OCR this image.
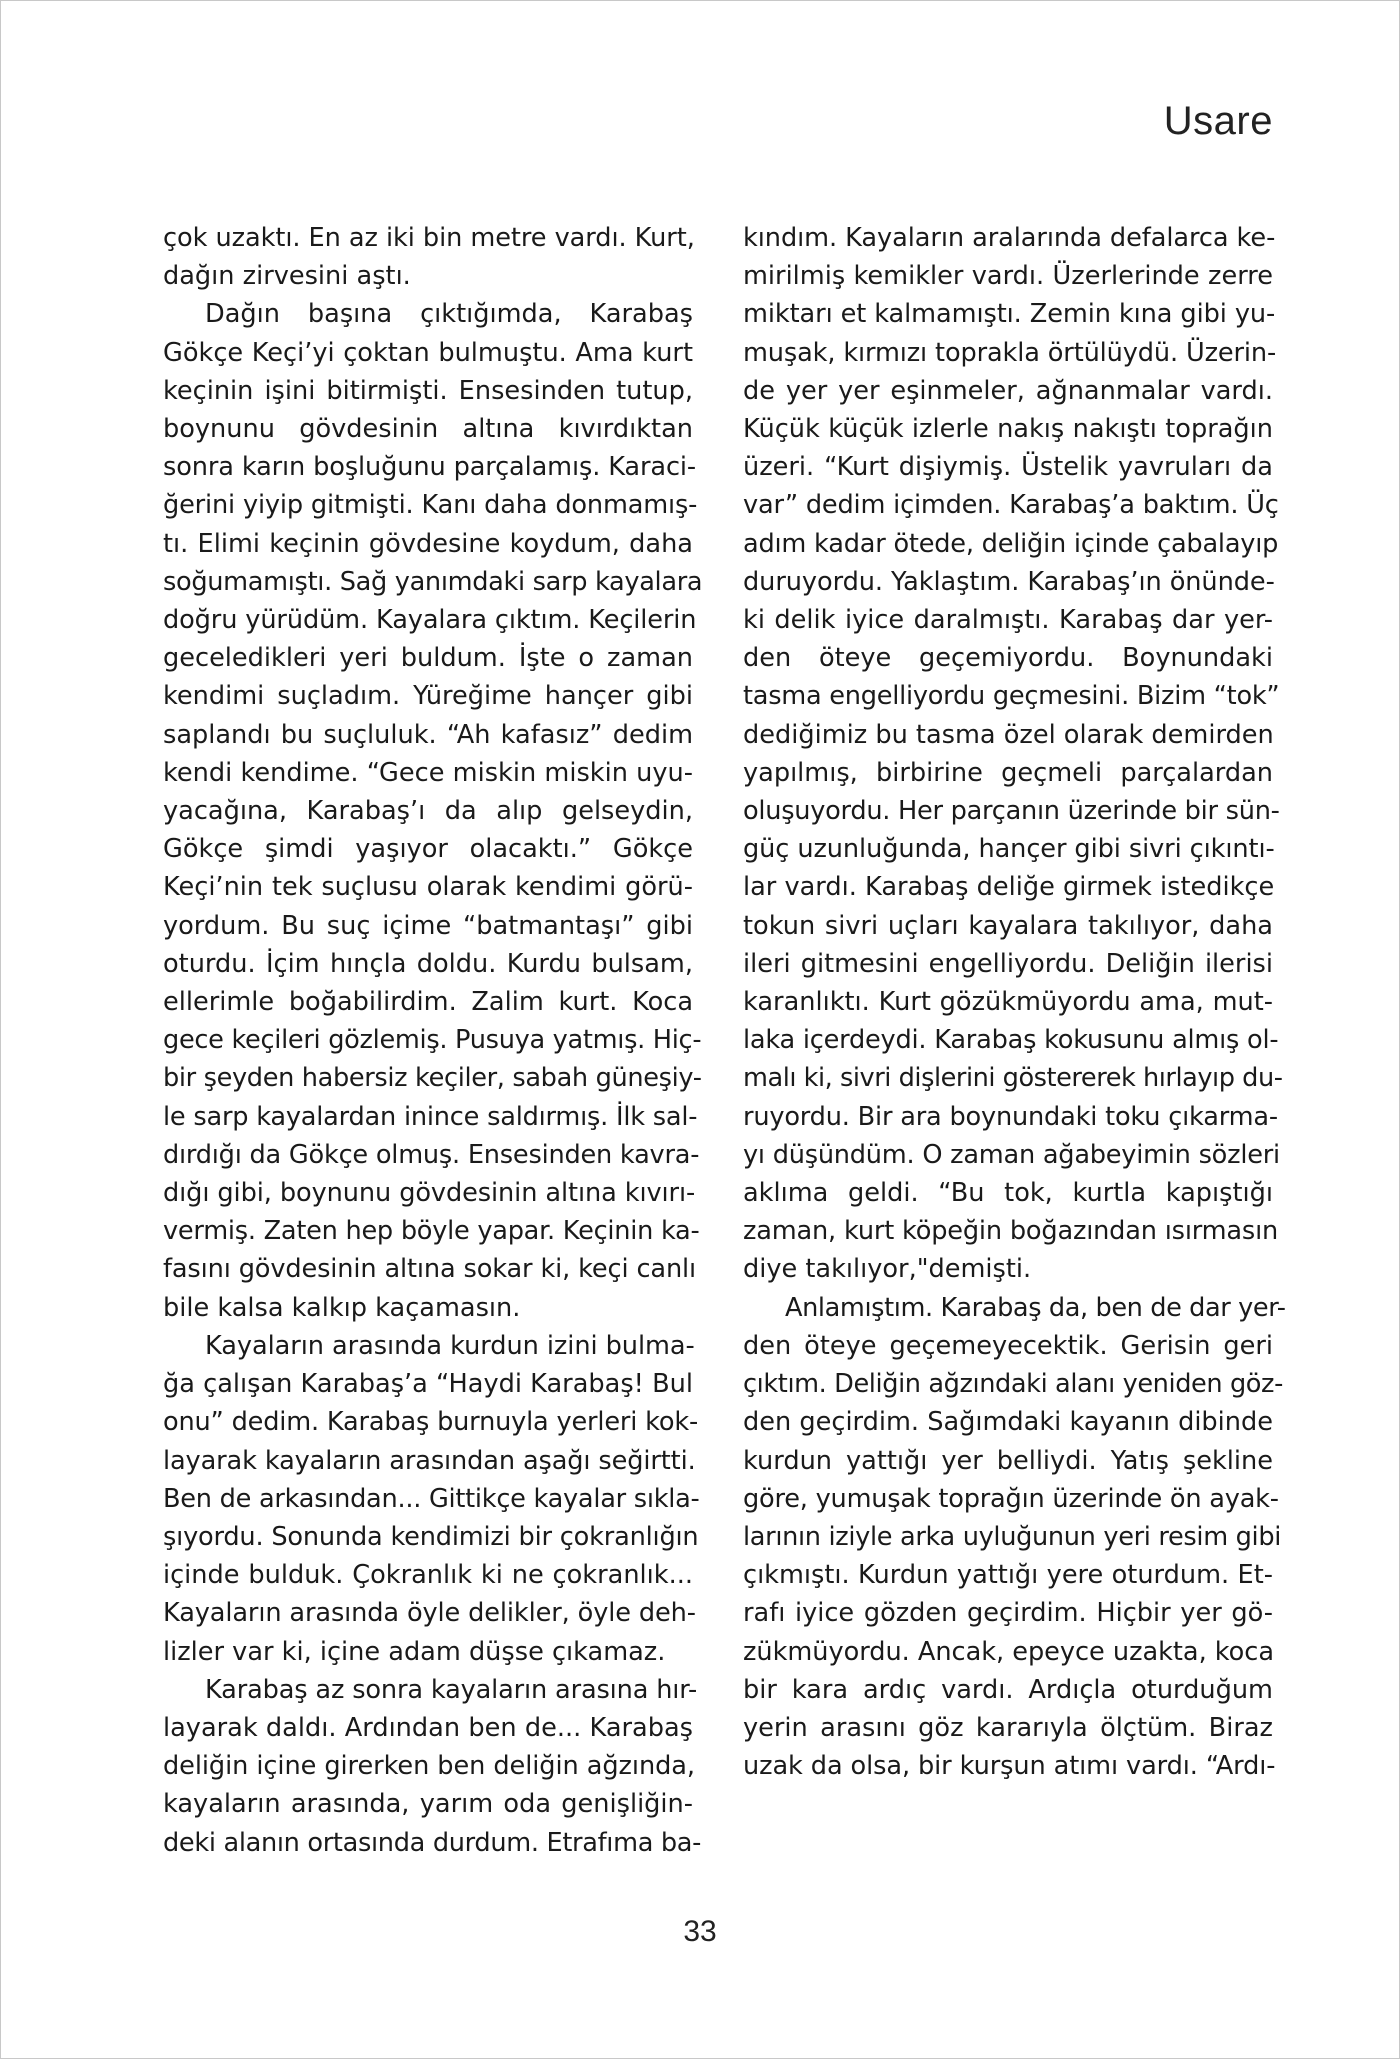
Usare

çok uzaktı. En az iki bin metre vardı. Kurt,
dağın zirvesini aştı.

Dağın başına çıktığımda, Karabaş
Gökçe Keçi’yi çoktan bulmuştu. Ama kurt
keçinin işini bitirmişti. Ensesinden tutup,
boynunu gövdesinin altına kıvırdıktan
sonra karın boşluğunu parçalamış. Karaci-
ğerini yiyip gitmişti. Kanı daha donmamış-
tı. Elimi keçinin gövdesine koydum, daha
soğumamıştı. Sağ yanımdaki sarp kayalara
doğru yürüdüm. Kayalara çıktım. Keçilerin
geceledikleri yeri buldum. İşte o zaman
kendimi suçladım. Yüreğime hançer gibi
saplandı bu suçluluk. “Ah kafasız” dedim
kendi kendime. “Gece miskin miskin uyu-
yacağına, Karabaş’ı da alıp gelseydin,
Gökçe şimdi yaşıyor olacaktı.” Gökçe
Keçi’nin tek suçlusu olarak kendimi görü-
yordum. Bu suç içime “batmantaşı” gibi
oturdu. İçim hınçla doldu. Kurdu bulsam,
ellerimle boğabilirdim. Zalim kurt. Koca
gece keçileri gözlemiş. Pusuya yatmış. Hiç-
bir şeyden habersiz keçiler, sabah güneşiy-
le sarp kayalardan inince saldırmış. İlk sal-
dırdığı da Gökçe olmuş. Ensesinden kavra-
dığı gibi, boynunu gövdesinin altına kıvırı-
vermiş. Zaten hep böyle yapar. Keçinin ka-
fasını gövdesinin altına sokar ki, keçi canlı
bile kalsa kalkıp kaçamasın.

Kayaların arasında kurdun izini bulma-
ğa çalışan Karabaş’a “Haydi Karabaş! Bul
onu” dedim. Karabaş burnuyla yerleri kok-
layarak kayaların arasından aşağı seğirtti.
Ben de arkasından... Gittikçe kayalar sıkla-
şıyordu. Sonunda kendimizi bir çokranlığın
içinde bulduk. Çokranlık ki ne çokranlık...
Kayaların arasında öyle delikler, öyle deh-
lizler var ki, içine adam düşse çıkamaz.

Karabaş az sonra kayaların arasına hır-
layarak daldı. Ardından ben de... Karabaş
deliğin içine girerken ben deliğin ağzında,
kayaların arasında, yarım oda genişliğin-
deki alanın ortasında durdum. Etrafıma ba-

kındım. Kayaların aralarında defalarca ke-
mirilmiş kemikler vardı. Üzerlerinde zerre
miktarı et kalmamıştı. Zemin kına gibi yu-
muşak, kırmızı toprakla örtülüydü. Üzerin-
de yer yer eşinmeler, ağnanmalar vardı.
Küçük küçük izlerle nakış nakıştı toprağın
üzeri. “Kurt dişiymiş. Üstelik yavruları da
var” dedim içimden. Karabaş’a baktım. Üç
adım kadar ötede, deliğin içinde çabalayıp
duruyordu. Yaklaştım. Karabaş’ın önünde-
ki delik iyice daralmıştı. Karabaş dar yer-
den öteye geçemiyordu. Boynundaki
tasma engelliyordu geçmesini. Bizim “tok”
dediğimiz bu tasma özel olarak demirden
yapılmış, birbirine geçmeli parçalardan
oluşuyordu. Her parçanın üzerinde bir sün-
güç uzunluğunda, hançer gibi sivri çıkıntı-
lar vardı. Karabaş deliğe girmek istedikçe
tokun sivri uçları kayalara takılıyor, daha
ileri gitmesini engelliyordu. Deliğin ilerisi
karanlıktı. Kurt gözükmüyordu ama, mut-
laka içerdeydi. Karabaş kokusunu almış ol-
malı ki, sivri dişlerini göstererek hırlayıp du-
ruyordu. Bir ara boynundaki toku çıkarma-
yı düşündüm. O zaman ağabeyimin sözleri
aklıma geldi. “Bu tok, kurtla kapıştığı
zaman, kurt köpeğin boğazından ısırmasın
diye takılıyor,"demişti.

Anlamıştım. Karabaş da, ben de dar yer-
den öteye geçemeyecektik. Gerisin geri
çıktım. Deliğin ağzındaki alanı yeniden göz-
den geçirdim. Sağımdaki kayanın dibinde
kurdun yattığı yer belliydi. Yatış şekline
göre, yumuşak toprağın üzerinde ön ayak-
larının iziyle arka uyluğunun yeri resim gibi
çıkmıştı. Kurdun yattığı yere oturdum. Et-
rafı iyice gözden geçirdim. Hiçbir yer gö-
zükmüyordu. Ancak, epeyce uzakta, koca
bir kara ardıç vardı. Ardıçla oturduğum
yerin arasını göz kararıyla ölçtüm. Biraz
uzak da olsa, bir kurşun atımı vardı. “Ardı-

33
